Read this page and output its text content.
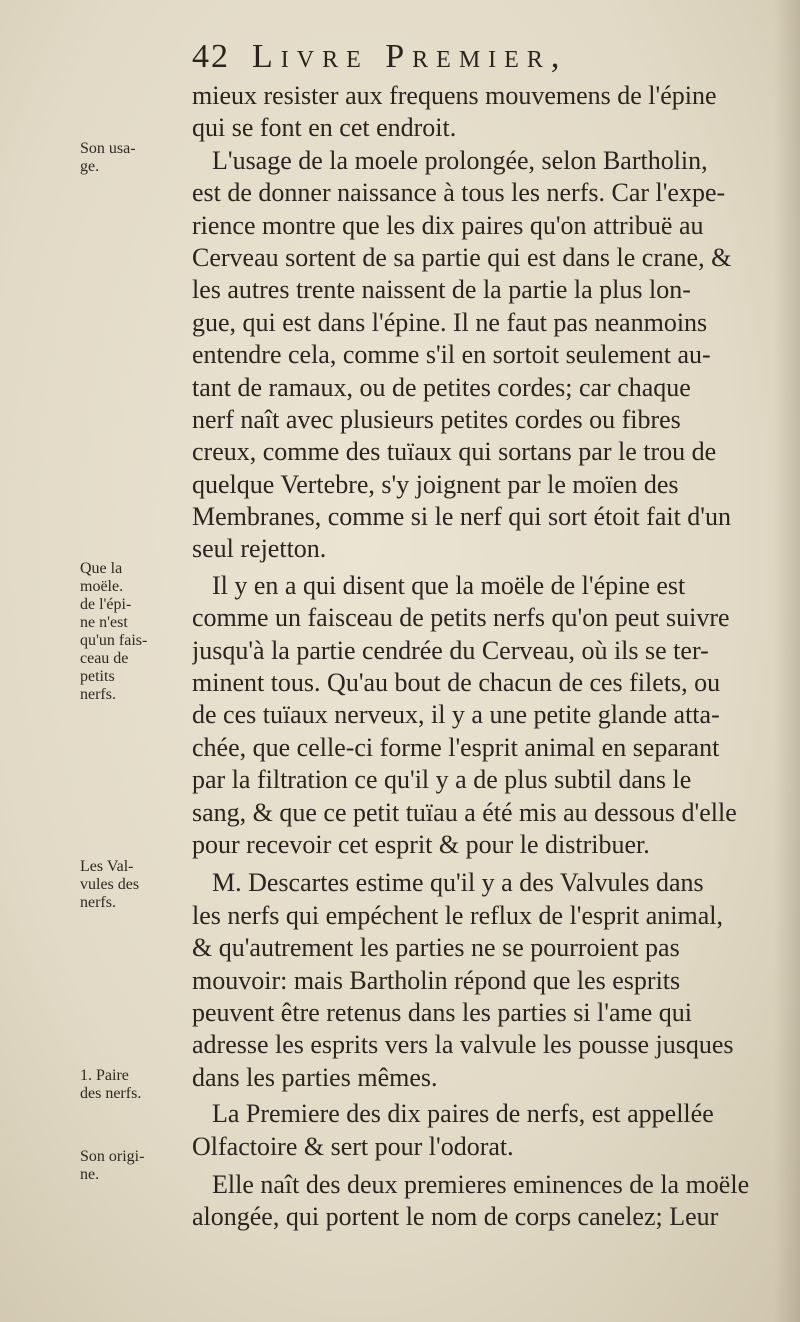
42 Livre Premier,
Son usa-
ge.
Que la
moële.
de l'épi-
ne n'est
qu'un fais-
ceau de
petits
nerfs.
Les Val-
vules des
nerfs.
1. Paire
des nerfs.
Son origi-
ne.
mieux resister aux frequens mouvemens de l'épine
qui se font en cet endroit.
L'usage de la moele prolongée, selon Bartholin,
est de donner naissance à tous les nerfs. Car l'expe-
rience montre que les dix paires qu'on attribuë au
Cerveau sortent de sa partie qui est dans le crane, &
les autres trente naissent de la partie la plus lon-
gue, qui est dans l'épine. Il ne faut pas neanmoins
entendre cela, comme s'il en sortoit seulement au-
tant de ramaux, ou de petites cordes; car chaque
nerf naît avec plusieurs petites cordes ou fibres
creux, comme des tuïaux qui sortans par le trou de
quelque Vertebre, s'y joignent par le moïen des
Membranes, comme si le nerf qui sort étoit fait d'un
seul rejetton.
Il y en a qui disent que la moële de l'épine est
comme un faisceau de petits nerfs qu'on peut suivre
jusqu'à la partie cendrée du Cerveau, où ils se ter-
minent tous. Qu'au bout de chacun de ces filets, ou
de ces tuïaux nerveux, il y a une petite glande atta-
chée, que celle-ci forme l'esprit animal en separant
par la filtration ce qu'il y a de plus subtil dans le
sang, & que ce petit tuïau a été mis au dessous d'elle
pour recevoir cet esprit & pour le distribuer.
M. Descartes estime qu'il y a des Valvules dans
les nerfs qui empéchent le reflux de l'esprit animal,
& qu'autrement les parties ne se pourroient pas
mouvoir: mais Bartholin répond que les esprits
peuvent être retenus dans les parties si l'ame qui
adresse les esprits vers la valvule les pousse jusques
dans les parties mêmes.
La Premiere des dix paires de nerfs, est appellée
Olfactoire & sert pour l'odorat.
Elle naît des deux premieres eminences de la moële
alongée, qui portent le nom de corps canelez; Leur
